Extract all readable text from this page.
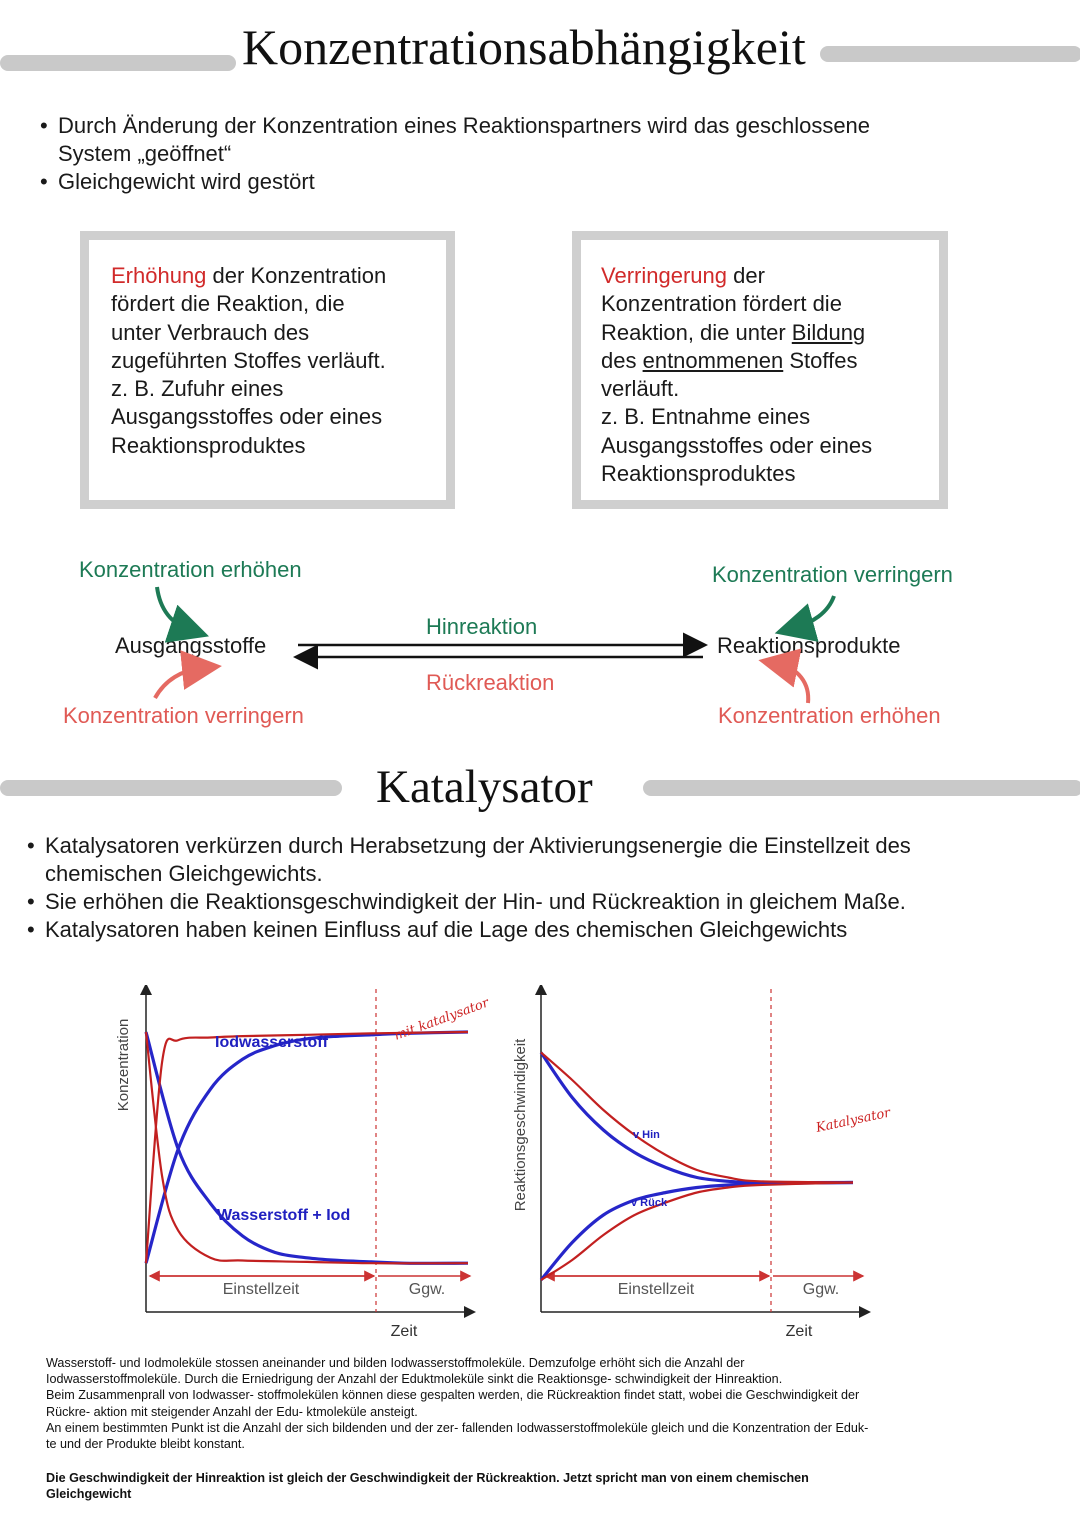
Konzentrationsabhängigkeit
• Durch Änderung der Konzentration eines Reaktionspartners wird das geschlossene
System „geöffnet“
• Gleichgewicht wird gestört

Erhöhung der Konzentration

fördert die Reaktion, die

unter Verbrauch des

zugeführten Stoffes verläuft.

z. B. Zufuhr eines

Ausgangsstoffes oder eines

Reaktionsproduktes

Verringerung der

Konzentration fördert die

Reaktion, die unter Bildung

des entnommenen Stoffes

verläuft.

z. B. Entnahme eines

Ausgangsstoffes oder eines

Reaktionsproduktes

Konzentration erhöhen
Ausgangsstoffe
Konzentration verringern
Hinreaktion
Rückreaktion
Konzentration verringern
Reaktionsprodukte
Konzentration erhöhen
Katalysator
• Katalysatoren verkürzen durch Herabsetzung der Aktivierungsenergie die Einstellzeit des
chemischen Gleichgewichts.
• Sie erhöhen die Reaktionsgeschwindigkeit der Hin- und Rückreaktion in gleichem Maße.
• Katalysatoren haben keinen Einfluss auf die Lage des chemischen Gleichgewichts
Einstellzeit	Ggw.
Zeit
Konzentration	Iodwasserstoff
Wasserstoff + Iod
mit katalysator
Einstellzeit	Ggw.
Zeit
Reaktionsgeschwindigkeit	v Hin
v Rück
Katalysator

Wasserstoff- und Iodmoleküle stossen aneinander und bilden Iodwasserstoffmoleküle. Demzufolge erhöht sich die Anzahl der

Iodwasserstoffmoleküle. Durch die Erniedrigung der Anzahl der Eduktmoleküle sinkt die Reaktionsge- schwindigkeit der Hinreaktion.

Beim Zusammenprall von Iodwasser- stoffmolekülen können diese gespalten werden, die Rückreaktion findet statt, wobei die Geschwindigkeit der

Rückre- aktion mit steigender Anzahl der Edu- ktmoleküle ansteigt.

An einem bestimmten Punkt ist die Anzahl der sich bildenden und der zer- fallenden Iodwasserstoffmoleküle gleich und die Konzentration der Eduk-

te und der Produkte bleibt konstant.

Die Geschwindigkeit der Hinreaktion ist gleich der Geschwindigkeit der Rückreaktion. Jetzt spricht man von einem chemischen

Gleichgewicht
